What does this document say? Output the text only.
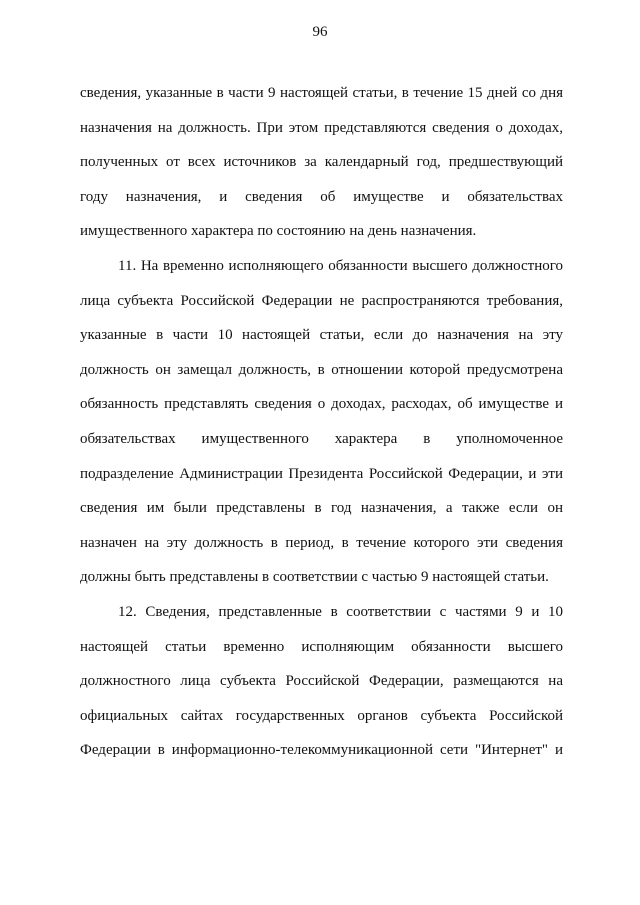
96
сведения, указанные в части 9 настоящей статьи, в течение 15 дней со дня
назначения на должность. При этом представляются сведения о доходах,
полученных от всех источников за календарный год, предшествующий
году назначения, и сведения об имуществе и обязательствах
имущественного характера по состоянию на день назначения.
11. На временно исполняющего обязанности высшего должностного
лица субъекта Российской Федерации не распространяются требования,
указанные в части 10 настоящей статьи, если до назначения на эту
должность он замещал должность, в отношении которой предусмотрена
обязанность представлять сведения о доходах, расходах, об имуществе и
обязательствах имущественного характера в уполномоченное
подразделение Администрации Президента Российской Федерации, и эти
сведения им были представлены в год назначения, а также если он
назначен на эту должность в период, в течение которого эти сведения
должны быть представлены в соответствии с частью 9 настоящей статьи.
12. Сведения, представленные в соответствии с частями 9 и 10
настоящей статьи временно исполняющим обязанности высшего
должностного лица субъекта Российской Федерации, размещаются на
официальных сайтах государственных органов субъекта Российской
Федерации в информационно-телекоммуникационной сети "Интернет" и
